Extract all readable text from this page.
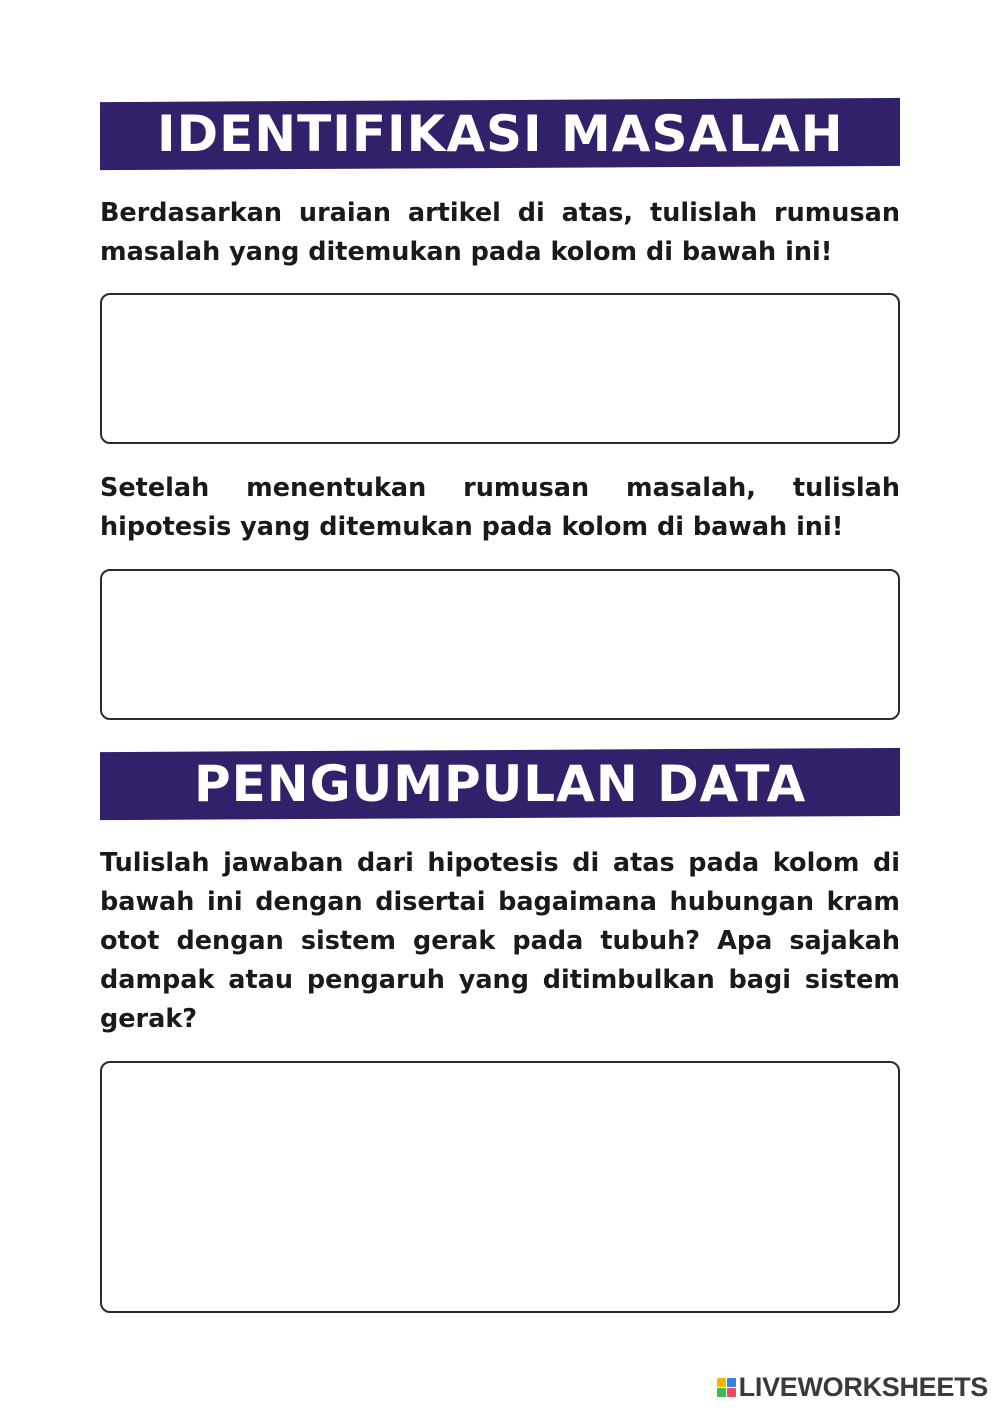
IDENTIFIKASI MASALAH

Berdasarkan uraian artikel di atas, tulislah rumusan masalah yang ditemukan pada kolom di bawah ini!

Setelah menentukan rumusan masalah, tulislah hipotesis yang ditemukan pada kolom di bawah ini!

PENGUMPULAN DATA

Tulislah jawaban dari hipotesis di atas pada kolom di bawah ini dengan disertai bagaimana hubungan kram otot dengan sistem gerak pada tubuh? Apa sajakah dampak atau pengaruh yang ditimbulkan bagi sistem gerak?

LIVEWORKSHEETS
